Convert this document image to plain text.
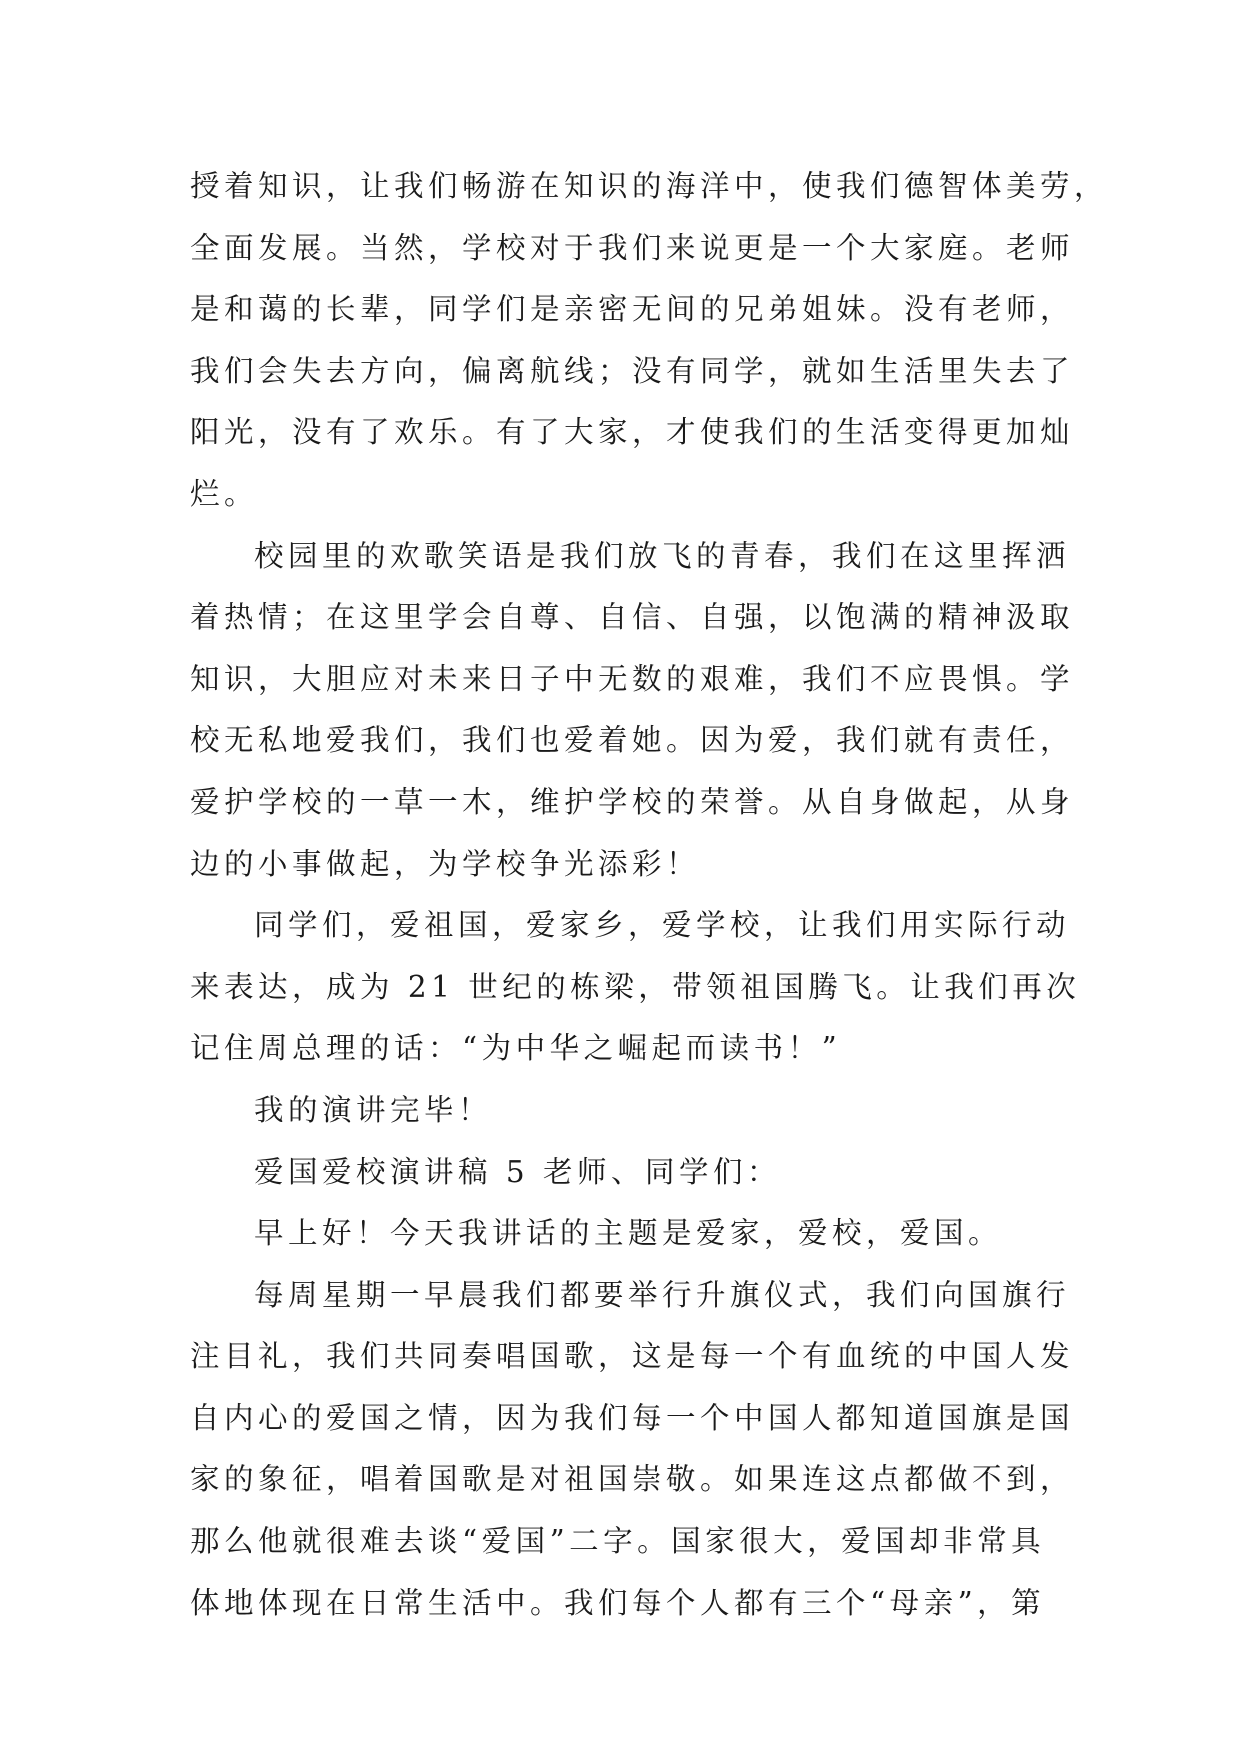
授着知识，让我们畅游在知识的海洋中，使我们德智体美劳，
全面发展。当然，学校对于我们来说更是一个大家庭。老师
是和蔼的长辈，同学们是亲密无间的兄弟姐妹。没有老师，
我们会失去方向，偏离航线；没有同学，就如生活里失去了
阳光，没有了欢乐。有了大家，才使我们的生活变得更加灿
烂。
校园里的欢歌笑语是我们放飞的青春，我们在这里挥洒
着热情；在这里学会自尊、自信、自强，以饱满的精神汲取
知识，大胆应对未来日子中无数的艰难，我们不应畏惧。学
校无私地爱我们，我们也爱着她。因为爱，我们就有责任，
爱护学校的一草一木，维护学校的荣誉。从自身做起，从身
边的小事做起，为学校争光添彩！
同学们，爱祖国，爱家乡，爱学校，让我们用实际行动
来表达，成为 21 世纪的栋梁，带领祖国腾飞。让我们再次
记住周总理的话：“为中华之崛起而读书！”
我的演讲完毕！
爱国爱校演讲稿 5 老师、同学们：
早上好！今天我讲话的主题是爱家，爱校，爱国。
每周星期一早晨我们都要举行升旗仪式，我们向国旗行
注目礼，我们共同奏唱国歌，这是每一个有血统的中国人发
自内心的爱国之情，因为我们每一个中国人都知道国旗是国
家的象征，唱着国歌是对祖国崇敬。如果连这点都做不到，
那么他就很难去谈“爱国”二字。国家很大，爱国却非常具
体地体现在日常生活中。我们每个人都有三个“母亲”，第
